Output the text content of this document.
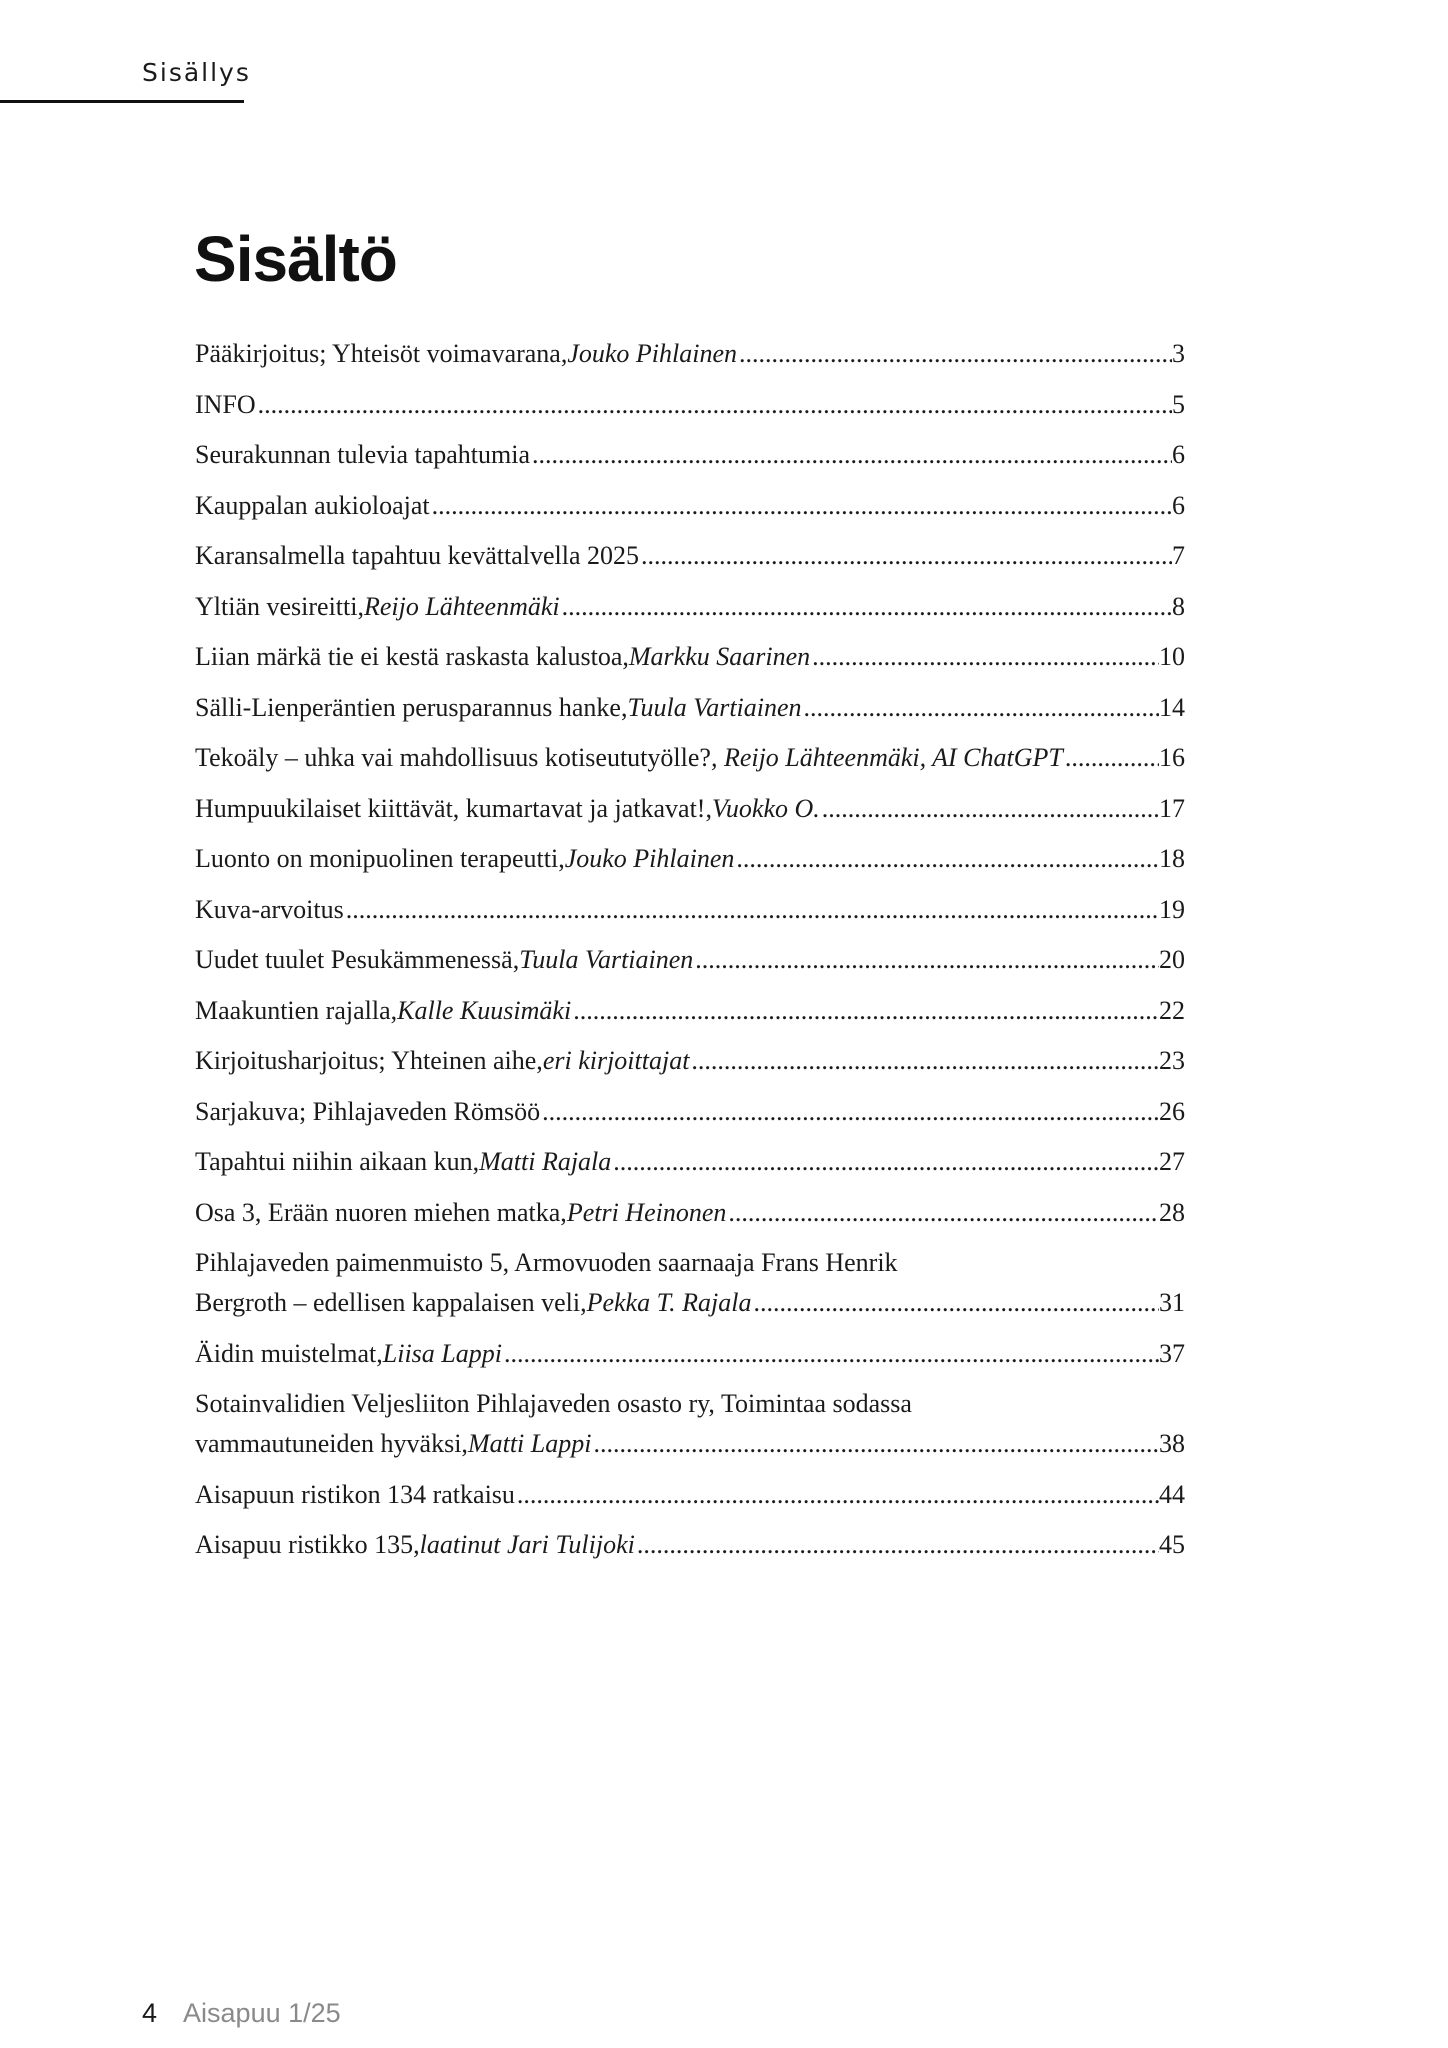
Sisällys
Sisältö
Pääkirjoitus; Yhteisöt voimavarana, Jouko Pihlainen .....	3
INFO .....	5
Seurakunnan tulevia tapahtumia .....	6
Kauppalan aukioloajat .....	6
Karansalmella tapahtuu kevättalvella 2025 .....	7
Yltiän vesireitti, Reijo Lähteenmäki .....	8
Liian märkä tie ei kestä raskasta kalustoa, Markku Saarinen .....	10
Sälli-Lienperäntien perusparannus hanke, Tuula Vartiainen .....	14
Tekoäly – uhka vai mahdollisuus kotiseututyölle? , Reijo Lähteenmäki, AI ChatGPT .....	16
Humpuukilaiset kiittävät, kumartavat ja jatkavat!, Vuokko O. .....	17
Luonto on monipuolinen terapeutti, Jouko Pihlainen .....	18
Kuva-arvoitus .....	19
Uudet tuulet Pesukämmenessä, Tuula Vartiainen .....	20
Maakuntien rajalla, Kalle Kuusimäki .....	22
Kirjoitusharjoitus; Yhteinen aihe, eri kirjoittajat .....	23
Sarjakuva; Pihlajaveden Römsöö .....	26
Tapahtui niihin aikaan kun, Matti Rajala .....	27
Osa 3, Erään nuoren miehen matka, Petri Heinonen .....	28
Pihlajaveden paimenmuisto 5, Armovuoden saarnaaja Frans Henrik
Bergroth – edellisen kappalaisen veli, Pekka T. Rajala .....	31
Äidin muistelmat, Liisa Lappi .....	37
Sotainvalidien Veljesliiton Pihlajaveden osasto ry, Toimintaa sodassa
vammautuneiden hyväksi, Matti Lappi .....	38
Aisapuun ristikon 134 ratkaisu .....	44
Aisapuu ristikko 135, laatinut Jari Tulijoki .....	45
4 Aisapuu 1/25
